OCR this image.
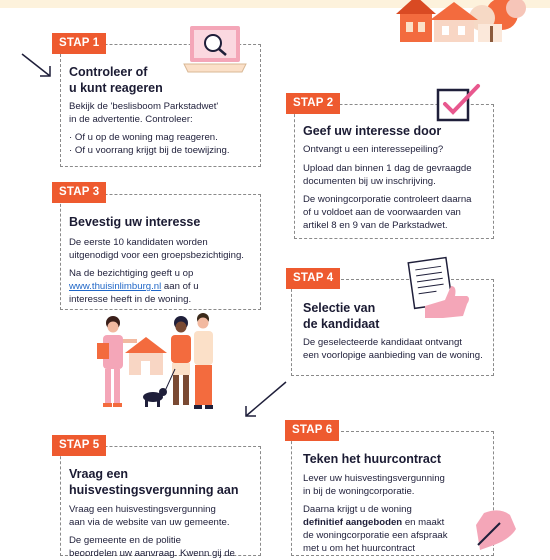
STAP 1
Controleer of
u kunt reageren
Bekijk de 'beslisboom Parkstadwet'
in de advertentie. Controleer:
· Of u op de woning mag reageren.
· Of u voorrang krijgt bij de toewijzing.
STAP 2
Geef uw interesse door
Ontvangt u een interessepeiling?
Upload dan binnen 1 dag de gevraagde
documenten bij uw inschrijving.
De woningcorporatie controleert daarna
of u voldoet aan de voorwaarden van
artikel 8 en 9 van de Parkstadwet.
STAP 3
Bevestig uw interesse
De eerste 10 kandidaten worden
uitgenodigd voor een groepsbezichtiging.
Na de bezichtiging geeft u op
www.thuisinlimburg.nl aan of u
interesse heeft in de woning.
STAP 4
Selectie van
de kandidaat
De geselecteerde kandidaat ontvangt
een voorlopige aanbieding van de woning.
STAP 5
Vraag een
huisvestingsvergunning aan
Vraag een huisvestingsvergunning
aan via de website van uw gemeente.
De gemeente en de politie
beoordelen uw aanvraag. Kwenn gij de
STAP 6
Teken het huurcontract
Lever uw huisvestingsvergunning
in bij de woningcorporatie.
Daarna krijgt u de woning
definitief aangeboden en maakt
de woningcorporatie een afspraak
met u om het huurcontract
